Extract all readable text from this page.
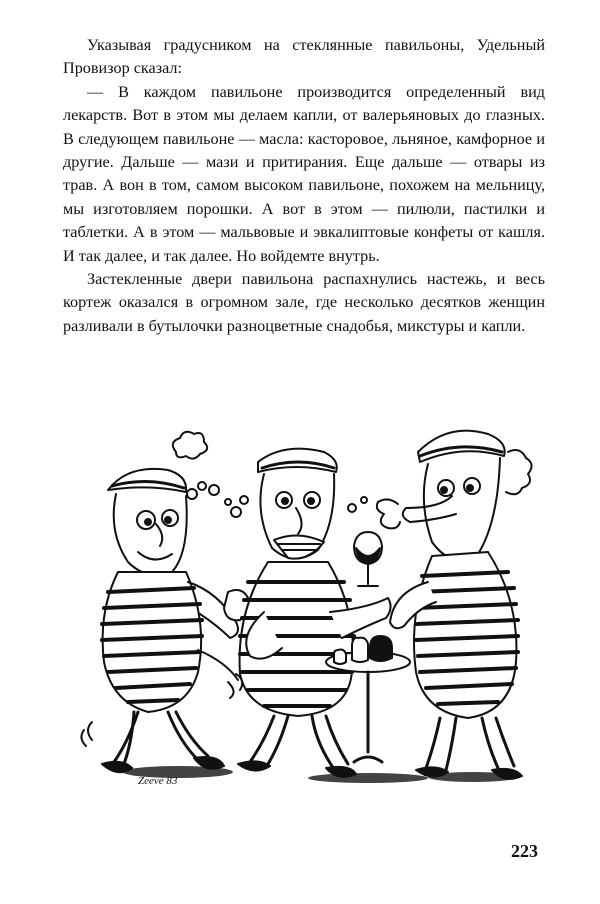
Указывая градусником на стеклянные павильоны, Удельный Провизор сказал:

— В каждом павильоне производится определенный вид лекарств. Вот в этом мы делаем капли, от валерьяновых до глазных. В следующем павильоне — масла: касторовое, льняное, камфорное и другие. Дальше — мази и притирания. Еще дальше — отвары из трав. А вон в том, самом высоком павильоне, похожем на мельницу, мы изготовляем порошки. А вот в этом — пилюли, пастилки и таблетки. А в этом — мальвовые и эвкалиптовые конфеты от кашля. И так далее, и так далее. Но войдемте внутрь.

Застекленные двери павильона распахнулись настежь, и весь кортеж оказался в огромном зале, где несколько десятков женщин разливали в бутылочки разноцветные снадобья, микстуры и капли.

Zeeve 83
223
